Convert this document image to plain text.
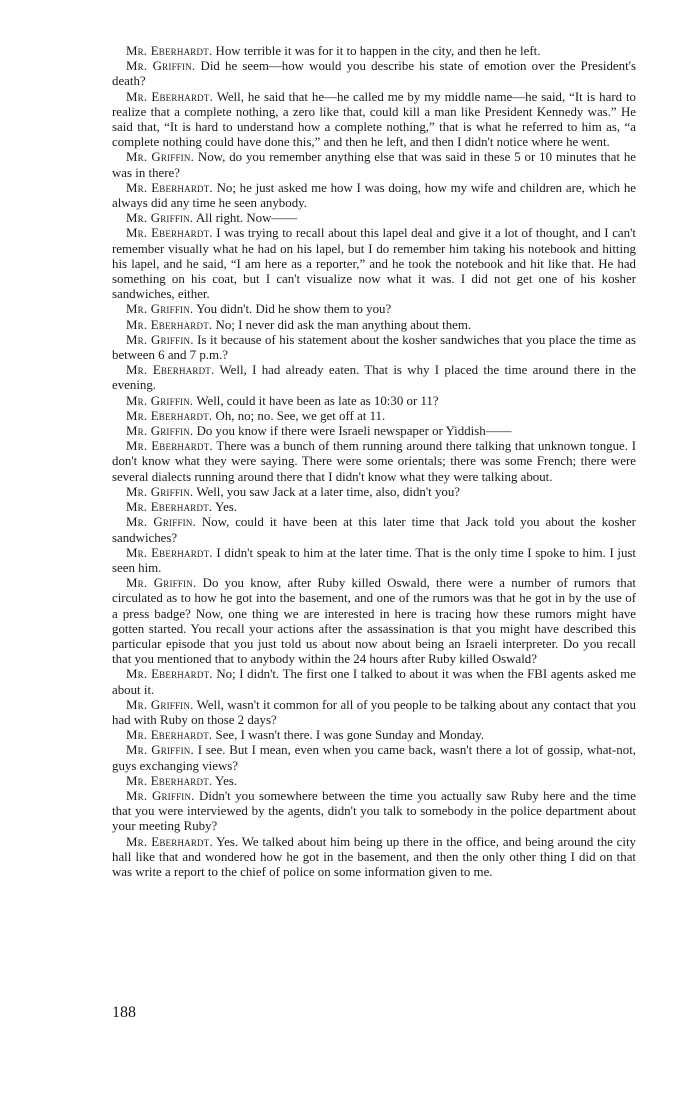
Mr. Eberhardt. How terrible it was for it to happen in the city, and then he left.

Mr. Griffin. Did he seem—how would you describe his state of emotion over the President's death?

Mr. Eberhardt. Well, he said that he—he called me by my middle name—he said, “It is hard to realize that a complete nothing, a zero like that, could kill a man like President Kennedy was.” He said that, “It is hard to understand how a complete nothing,” that is what he referred to him as, “a complete nothing could have done this,” and then he left, and then I didn't notice where he went.

Mr. Griffin. Now, do you remember anything else that was said in these 5 or 10 minutes that he was in there?

Mr. Eberhardt. No; he just asked me how I was doing, how my wife and children are, which he always did any time he seen anybody.

Mr. Griffin. All right. Now——

Mr. Eberhardt. I was trying to recall about this lapel deal and give it a lot of thought, and I can't remember visually what he had on his lapel, but I do remember him taking his notebook and hitting his lapel, and he said, “I am here as a reporter,” and he took the notebook and hit like that. He had something on his coat, but I can't visualize now what it was. I did not get one of his kosher sandwiches, either.

Mr. Griffin. You didn't. Did he show them to you?

Mr. Eberhardt. No; I never did ask the man anything about them.

Mr. Griffin. Is it because of his statement about the kosher sandwiches that you place the time as between 6 and 7 p.m.?

Mr. Eberhardt. Well, I had already eaten. That is why I placed the time around there in the evening.

Mr. Griffin. Well, could it have been as late as 10:30 or 11?

Mr. Eberhardt. Oh, no; no. See, we get off at 11.

Mr. Griffin. Do you know if there were Israeli newspaper or Yiddish——

Mr. Eberhardt. There was a bunch of them running around there talking that unknown tongue. I don't know what they were saying. There were some orientals; there was some French; there were several dialects running around there that I didn't know what they were talking about.

Mr. Griffin. Well, you saw Jack at a later time, also, didn't you?

Mr. Eberhardt. Yes.

Mr. Griffin. Now, could it have been at this later time that Jack told you about the kosher sandwiches?

Mr. Eberhardt. I didn't speak to him at the later time. That is the only time I spoke to him. I just seen him.

Mr. Griffin. Do you know, after Ruby killed Oswald, there were a number of rumors that circulated as to how he got into the basement, and one of the rumors was that he got in by the use of a press badge? Now, one thing we are interested in here is tracing how these rumors might have gotten started. You recall your actions after the assassination is that you might have described this particular episode that you just told us about now about being an Israeli interpreter. Do you recall that you mentioned that to anybody within the 24 hours after Ruby killed Oswald?

Mr. Eberhardt. No; I didn't. The first one I talked to about it was when the FBI agents asked me about it.

Mr. Griffin. Well, wasn't it common for all of you people to be talking about any contact that you had with Ruby on those 2 days?

Mr. Eberhardt. See, I wasn't there. I was gone Sunday and Monday.

Mr. Griffin. I see. But I mean, even when you came back, wasn't there a lot of gossip, what-not, guys exchanging views?

Mr. Eberhardt. Yes.

Mr. Griffin. Didn't you somewhere between the time you actually saw Ruby here and the time that you were interviewed by the agents, didn't you talk to somebody in the police department about your meeting Ruby?

Mr. Eberhardt. Yes. We talked about him being up there in the office, and being around the city hall like that and wondered how he got in the basement, and then the only other thing I did on that was write a report to the chief of police on some information given to me.

188
